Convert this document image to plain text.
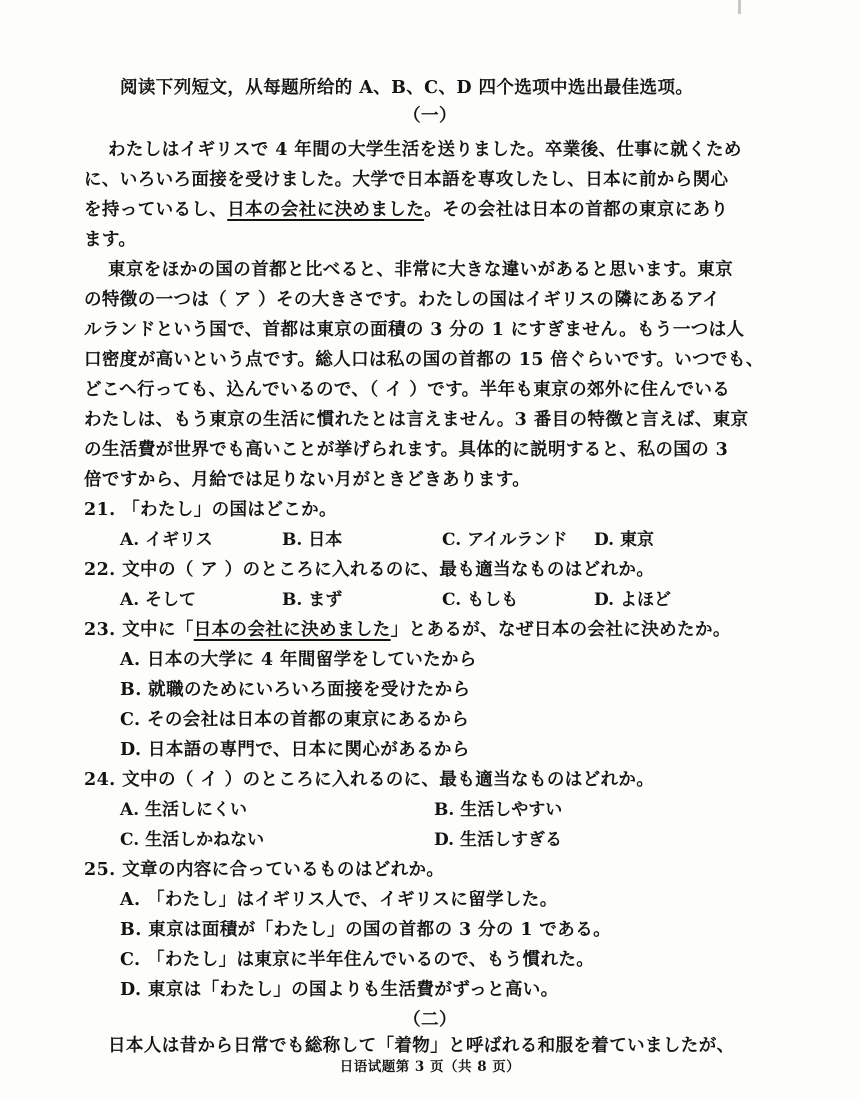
阅读下列短文，从每题所给的 A、B、C、D 四个选项中选出最佳选项。
（一）
わたしはイギリスで 4 年間の大学生活を送りました。卒業後、仕事に就くため
に、いろいろ面接を受けました。大学で日本語を専攻したし、日本に前から関心
を持っているし、日本の会社に決めました。その会社は日本の首都の東京にあり
ます。
東京をほかの国の首都と比べると、非常に大きな違いがあると思います。東京
の特徴の一つは（ ア ）その大きさです。わたしの国はイギリスの隣にあるアイ
ルランドという国で、首都は東京の面積の 3 分の 1 にすぎません。もう一つは人
口密度が高いという点です。総人口は私の国の首都の 15 倍ぐらいです。いつでも、
どこへ行っても、込んでいるので、（ イ ）です。半年も東京の郊外に住んでいる
わたしは、もう東京の生活に慣れたとは言えません。3 番目の特徴と言えば、東京
の生活費が世界でも高いことが挙げられます。具体的に説明すると、私の国の 3
倍ですから、月給では足りない月がときどきあります。
21. 「わたし」の国はどこか。
A. イギリス	B. 日本	C. アイルランド D. 東京
22. 文中の（ ア ）のところに入れるのに、最も適当なものはどれか。
A. そして	B. まず	C. もしも	D. よほど
23. 文中に「日本の会社に決めました」とあるが、なぜ日本の会社に決めたか。
A. 日本の大学に 4 年間留学をしていたから
B. 就職のためにいろいろ面接を受けたから
C. その会社は日本の首都の東京にあるから
D. 日本語の専門で、日本に関心があるから
24. 文中の（ イ ）のところに入れるのに、最も適当なものはどれか。
A. 生活しにくい	B. 生活しやすい
C. 生活しかねない	D. 生活しすぎる
25. 文章の内容に合っているものはどれか。
A. 「わたし」はイギリス人で、イギリスに留学した。
B. 東京は面積が「わたし」の国の首都の 3 分の 1 である。
C. 「わたし」は東京に半年住んでいるので、もう慣れた。
D. 東京は「わたし」の国よりも生活費がずっと高い。
（二）
日本人は昔から日常でも総称して「着物」と呼ばれる和服を着ていましたが、
日语试题第 3 页（共 8 页）
